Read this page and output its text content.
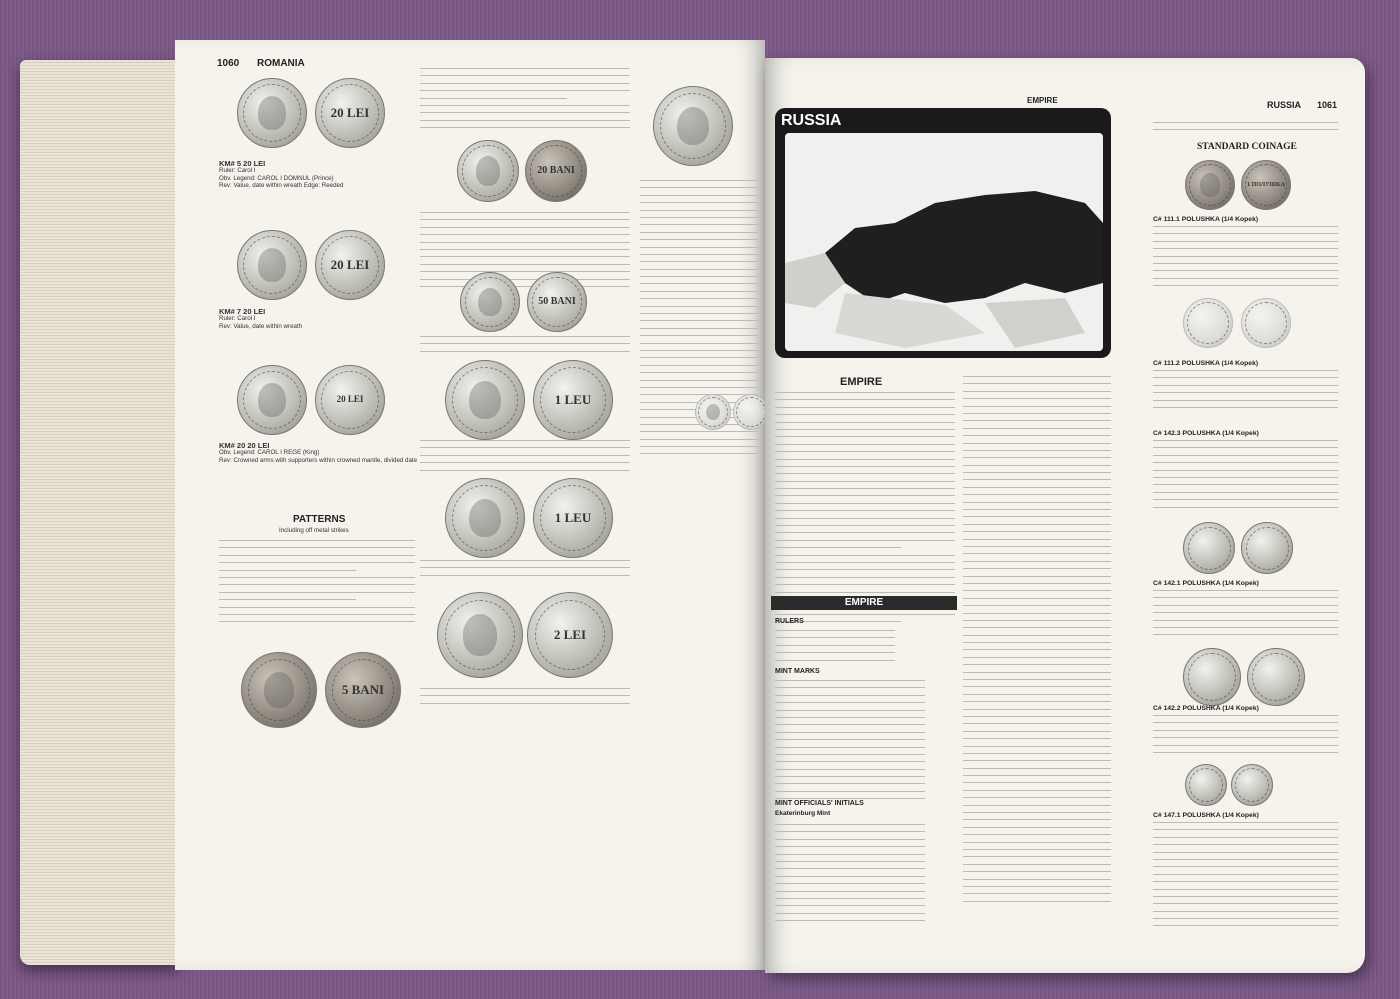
1060 ROMANIA
20 LEI
KM# 5 20 LEI
Ruler: Carol I
Obv. Legend: CAROL I DOMNUL (Prince)
Rev: Value, date within wreath Edge: Reeded
20 LEI
KM# 7 20 LEI
Ruler: Carol I
Rev: Value, date within wreath
20 LEI
KM# 20 20 LEI
Obv. Legend: CAROL I REGE (King)
Rev: Crowned arms with supporters within crowned mantle, divided date
PATTERNS
Including off metal strikes
5 BANI
20 BANI
50 BANI
1 LEU
1 LEU
2 LEI
EMPIRE	RUSSIA 1061
RUSSIA
EMPIRE
EMPIRE
RULERS
MINT MARKS
MINT OFFICIALS' INITIALS
Ekaterinburg Mint
STANDARD COINAGE
1 ПОЛУШКА
C# 111.1 POLUSHKA (1/4 Kopek)
C# 111.2 POLUSHKA (1/4 Kopek)
C# 142.3 POLUSHKA (1/4 Kopek)
C# 142.1 POLUSHKA (1/4 Kopek)
C# 142.2 POLUSHKA (1/4 Kopek)
C# 147.1 POLUSHKA (1/4 Kopek)
